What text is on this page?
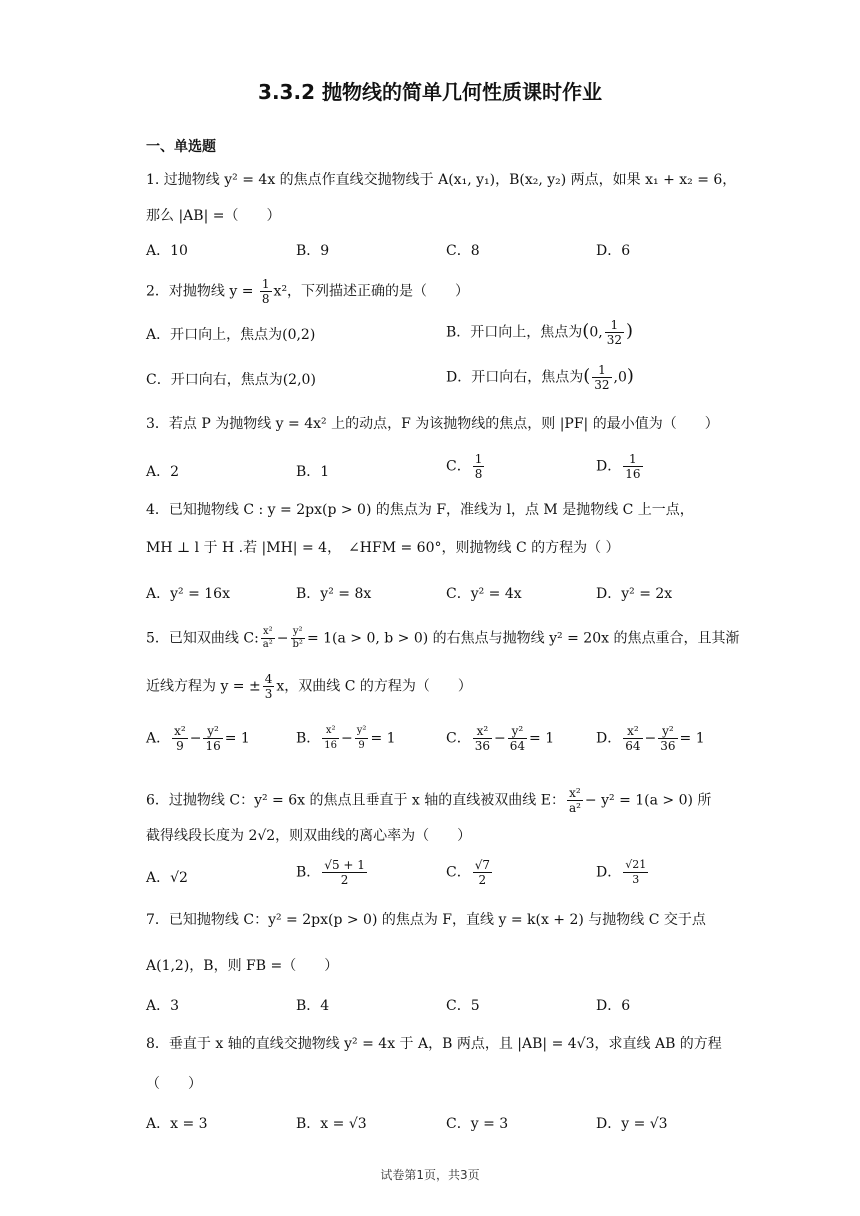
3.3.2 抛物线的简单几何性质课时作业
一、单选题
1. 过抛物线 y² = 4x 的焦点作直线交抛物线于 A(x₁, y₁)，B(x₂, y₂) 两点，如果 x₁ + x₂ = 6，
那么 |AB| =（　　）
A．10	B．9	C．8	D．6
2．对抛物线 $y = \frac{1}{8} x^2$，下列描述正确的是（　　）
A．开口向上，焦点为(0,2)	B．开口向上，焦点为(0, $\frac{1}{32}$ )
C．开口向右，焦点为(2,0)	D．开口向右，焦点为( $\frac{1}{32} ,0$)
3．若点 P 为抛物线 y = 4x² 上的动点，F 为该抛物线的焦点，则 |PF| 的最小值为（　　）
A．2	B．1	C． $\frac{1}{8}$	D． $\frac{1}{16}$
4．已知抛物线 C : y = 2px(p > 0) 的焦点为 F，准线为 l，点 M 是抛物线 C 上一点，
MH ⊥ l 于 H .若 |MH| = 4，　∠HFM = 60°，则抛物线 C 的方程为（ ）
A．y² = 16x	B．y² = 8x	C．y² = 4x	D．y² = 2x
5．已知双曲线 C: $\frac{\text{x²}}{\text{a²}} - \frac{\text{y²}}{\text{b²}} = 1(a > 0$, b > 0) 的右焦点与抛物线 y² = 20x 的焦点重合，且其渐
近线方程为 y = ± $\frac{4}{3}$ x，双曲线 C 的方程为（　　）
A． $\frac{\text{x²}}{9} - \frac{\text{y²}}{16} = 1$	B． $\frac{\text{x²}}{16} - \frac{\text{y²}}{9} = 1$	C． $\frac{\text{x²}}{36} - \frac{\text{y²}}{64} = 1$	D． $\frac{\text{x²}}{64} - \frac{\text{y²}}{36} = 1$
6．过抛物线 C：y² = 6x 的焦点且垂直于 x 轴的直线被双曲线 E： $\frac{\text{x²}}{\text{a²}} - y^2 = 1(a > 0)$ 所
截得线段长度为 2√2，则双曲线的离心率为（　　）
A．√2	B． $\frac{√5 + 1}{2}$	C． $\frac{√7}{2}$	D． $\frac{√21}{3}$
7．已知抛物线 C：y² = 2px(p > 0) 的焦点为 F，直线 y = k(x + 2) 与抛物线 C 交于点
A(1,2)，B，则 FB =（　　）
A．3	B．4	C．5	D．6
8．垂直于 x 轴的直线交抛物线 y² = 4x 于 A，B 两点，且 |AB| = 4√3，求直线 AB 的方程
（　　）
A．x = 3	B．x = √3	C．y = 3	D．y = √3
试卷第1页，共3页
